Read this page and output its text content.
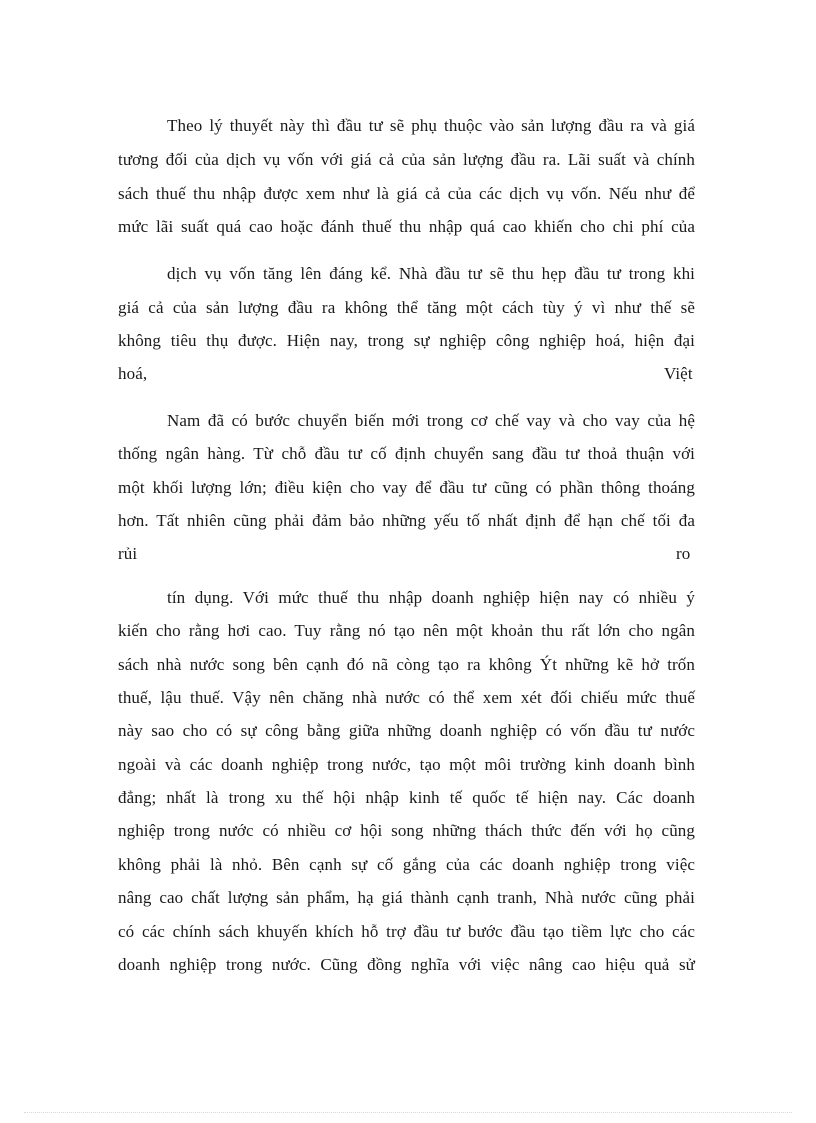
Theo lý thuyết này thì đầu tư sẽ phụ thuộc vào sản lượng đầu ra và giá
tương đối của dịch vụ vốn với giá cả của sản lượng đầu ra. Lãi suất và chính
sách thuế thu nhập được xem như là giá cả của các dịch vụ vốn. Nếu như để
mức lãi suất quá cao hoặc đánh thuế thu nhập quá cao khiến cho chi phí của
dịch vụ vốn tăng lên đáng kể. Nhà đầu tư sẽ thu hẹp đầu tư trong khi
giá cả của sản lượng đầu ra không thể tăng một cách tùy ý vì như thế sẽ
không tiêu thụ được. Hiện nay, trong sự nghiệp công nghiệp hoá, hiện đại
hoá,	Việt
Nam đã có bước chuyển biến mới trong cơ chế vay và cho vay của hệ
thống ngân hàng. Từ chỗ đầu tư cố định chuyển sang đầu tư thoả thuận với
một khối lượng lớn; điều kiện cho vay để đầu tư cũng có phần thông thoáng
hơn. Tất nhiên cũng phải đảm bảo những yếu tố nhất định để hạn chế tối đa
rủi	ro
tín dụng. Với mức thuế thu nhập doanh nghiệp hiện nay có nhiều ý
kiến cho rằng hơi cao. Tuy rằng nó tạo nên một khoản thu rất lớn cho ngân
sách nhà nước song bên cạnh đó nã còng tạo ra không Ýt những kẽ hở trốn
thuế, lậu thuế. Vậy nên chăng nhà nước có thể xem xét đối chiếu mức thuế
này sao cho có sự công bằng giữa những doanh nghiệp có vốn đầu tư nước
ngoài và các doanh nghiệp trong nước, tạo một môi trường kinh doanh bình
đẳng; nhất là trong xu thế hội nhập kinh tế quốc tế hiện nay. Các doanh
nghiệp trong nước có nhiều cơ hội song những thách thức đến với họ cũng
không phải là nhỏ. Bên cạnh sự cố gắng của các doanh nghiệp trong việc
nâng cao chất lượng sản phẩm, hạ giá thành cạnh tranh, Nhà nước cũng phải
có các chính sách khuyến khích hỗ trợ đầu tư bước đầu tạo tiềm lực cho các
doanh nghiệp trong nước. Cũng đồng nghĩa với việc nâng cao hiệu quả sử
